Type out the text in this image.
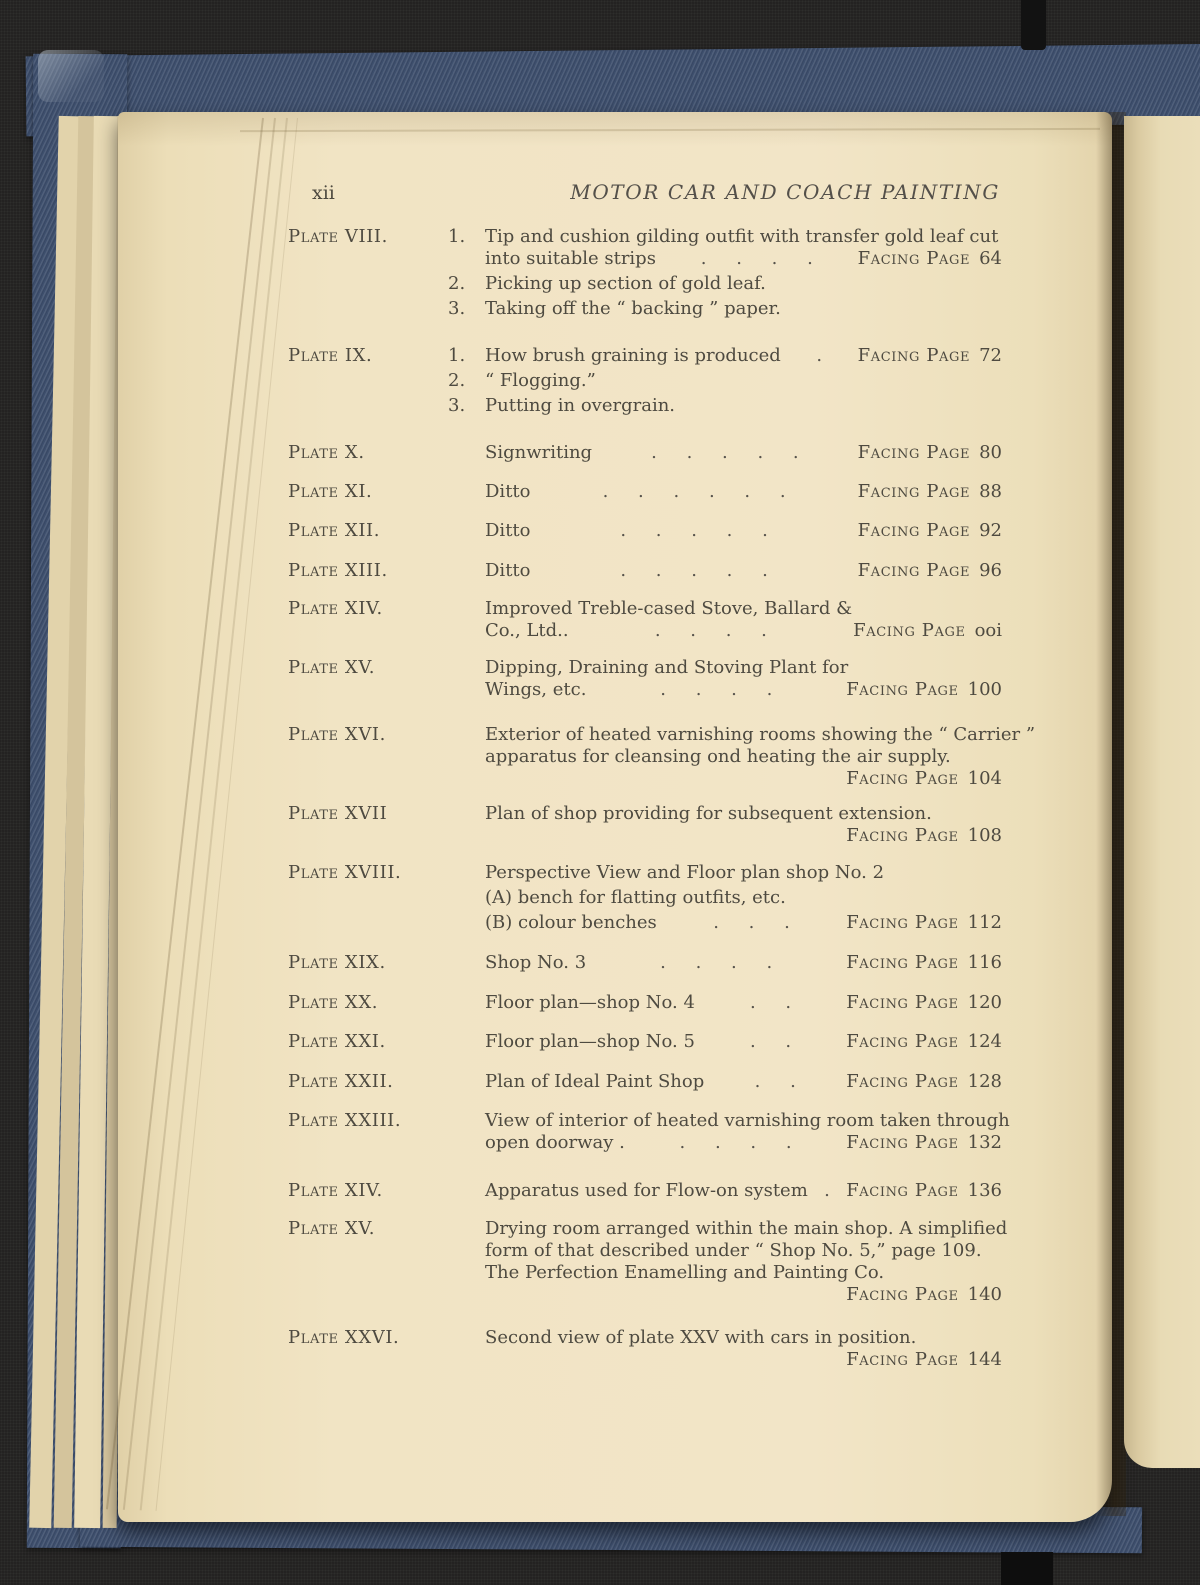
xii	MOTOR CAR AND COACH PAINTING
Plate VIII.	1.	Tip and cushion gilding outfit with transfer gold leaf cut
into suitable strips	. . . .	Facing Page 64
2.	Picking up section of gold leaf.
3.	Taking off the “ backing ” paper.
Plate IX.	1.	How brush graining is produced	.	Facing Page 72
2.	“ Flogging.”
3.	Putting in overgrain.
Plate X.	Signwriting	. . . . .	Facing Page 80
Plate XI.	Ditto	. . . . . .	Facing Page 88
Plate XII.	Ditto	. . . . .	Facing Page 92
Plate XIII.	Ditto	. . . . .	Facing Page 96
Plate XIV.	Improved Treble-cased Stove, Ballard &
Co., Ltd..	. . . .	Facing Page ooi
Plate XV.	Dipping, Draining and Stoving Plant for
Wings, etc.	. . . .	Facing Page 100
Plate XVI.	Exterior of heated varnishing rooms showing the “ Carrier ”
apparatus for cleansing ond heating the air supply.
Facing Page 104
Plate XVII	Plan of shop providing for subsequent extension.
Facing Page 108
Plate XVIII.	Perspective View and Floor plan shop No. 2
(A) bench for flatting outfits, etc.
(B) colour benches	. . .	Facing Page 112
Plate XIX.	Shop No. 3	. . . .	Facing Page 116
Plate XX.	Floor plan—shop No. 4	. .	Facing Page 120
Plate XXI.	Floor plan—shop No. 5	. .	Facing Page 124
Plate XXII.	Plan of Ideal Paint Shop	. .	Facing Page 128
Plate XXIII.	View of interior of heated varnishing room taken through
open doorway .	. . . .	Facing Page 132
Plate XIV.	Apparatus used for Flow-on system . Facing Page 136
Plate XV.	Drying room arranged within the main shop. A simplified
form of that described under “ Shop No. 5,” page 109.
The Perfection Enamelling and Painting Co.
Facing Page 140
Plate XXVI.	Second view of plate XXV with cars in position.
Facing Page 144
